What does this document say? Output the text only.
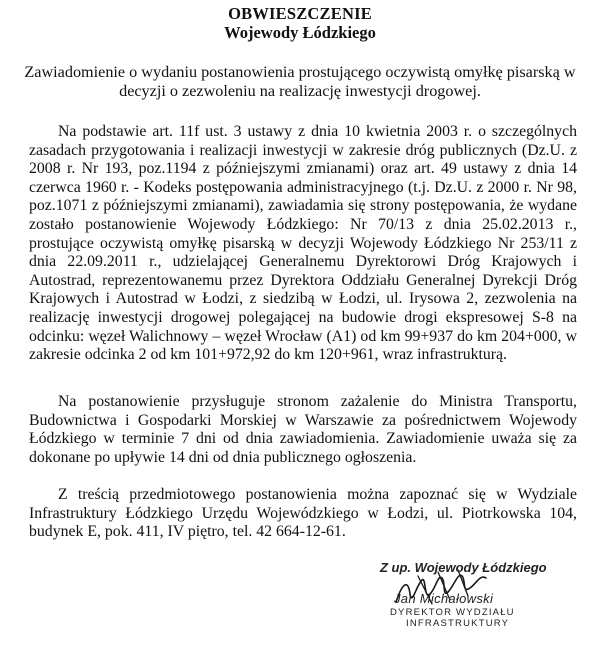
OBWIESZCZENIE
Wojewody Łódzkiego
Zawiadomienie o wydaniu postanowienia prostującego oczywistą omyłkę pisarską w decyzji o zezwoleniu na realizację inwestycji drogowej.

Na podstawie art. 11f ust. 3 ustawy z dnia 10 kwietnia 2003 r. o szczególnych zasadach przygotowania i realizacji inwestycji w zakresie dróg publicznych (Dz.U. z 2008 r. Nr 193, poz.1194 z późniejszymi zmianami) oraz art. 49 ustawy z dnia 14 czerwca 1960 r. - Kodeks postępowania administracyjnego (t.j. Dz.U. z 2000 r. Nr 98, poz.1071 z późniejszymi zmianami), zawiadamia się strony postępowania, że wydane zostało postanowienie Wojewody Łódzkiego: Nr 70/13 z dnia 25.02.2013 r., prostujące oczywistą omyłkę pisarską w decyzji Wojewody Łódzkiego Nr 253/11 z dnia 22.09.2011 r., udzielającej Generalnemu Dyrektorowi Dróg Krajowych i Autostrad, reprezentowanemu przez Dyrektora Oddziału Generalnej Dyrekcji Dróg Krajowych i Autostrad w Łodzi, z siedzibą w Łodzi, ul. Irysowa 2, zezwolenia na realizację inwestycji drogowej polegającej na budowie drogi ekspresowej S-8 na odcinku: węzeł Walichnowy – węzeł Wrocław (A1) od km 99+937 do km 204+000, w zakresie odcinka 2 od km 101+972,92 do km 120+961, wraz infrastrukturą.

Na postanowienie przysługuje stronom zażalenie do Ministra Transportu, Budownictwa i Gospodarki Morskiej w Warszawie za pośrednictwem Wojewody Łódzkiego w terminie 7 dni od dnia zawiadomienia. Zawiadomienie uważa się za dokonane po upływie 14 dni od dnia publicznego ogłoszenia.

Z treścią przedmiotowego postanowienia można zapoznać się w Wydziale Infrastruktury Łódzkiego Urzędu Wojewódzkiego w Łodzi, ul. Piotrkowska 104, budynek E, pok. 411, IV piętro, tel. 42 664-12-61.

Z up. Wojewody Łódzkiego
Jan Michałowski
DYREKTOR WYDZIAŁU
INFRASTRUKTURY
